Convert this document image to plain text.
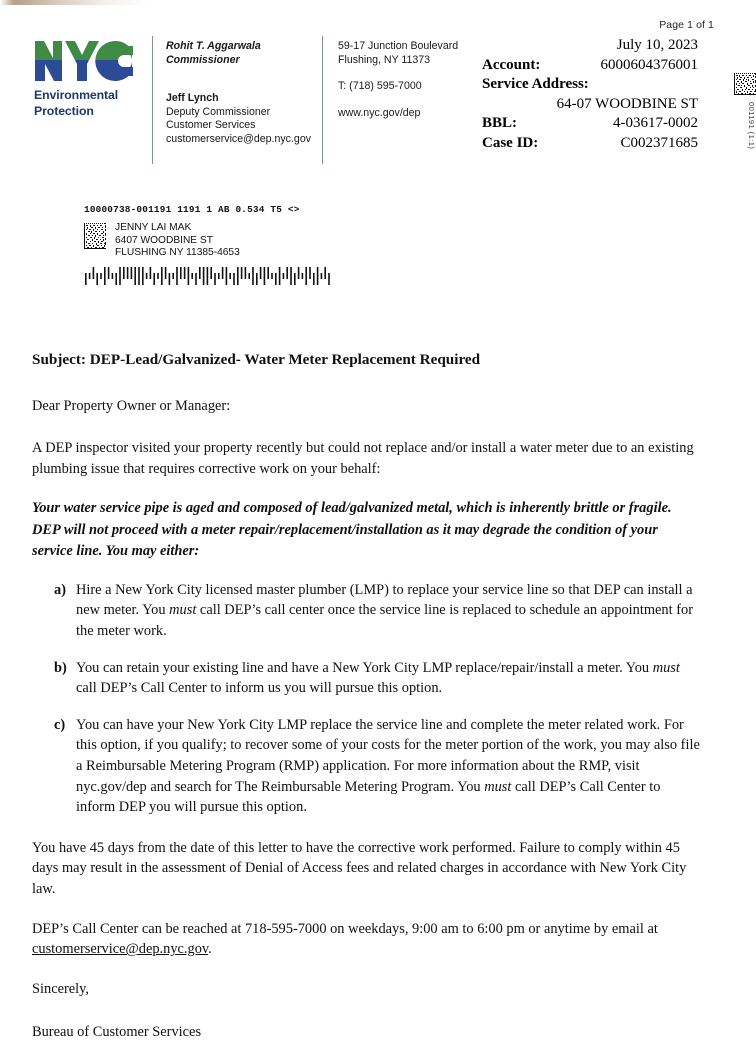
Page 1 of 1
Environmental
Protection
Rohit T. Aggarwala
Commissioner
Jeff Lynch
Deputy Commissioner
Customer Services
customerservice@dep.nyc.gov
59-17 Junction Boulevard
Flushing, NY 11373
T: (718) 595-7000
www.nyc.gov/dep
July 10, 2023
Account:	6000604376001
Service Address:
64-07 WOODBINE ST
BBL:	4-03617-0002
Case ID:	C002371685	001191 (1:1)
10000738-001191 1191 1 AB 0.534 T5 <>
JENNY LAI MAK
6407 WOODBINE ST
FLUSHING NY 11385-4653
Subject: DEP-Lead/Galvanized- Water Meter Replacement Required
Dear Property Owner or Manager:
A DEP inspector visited your property recently but could not replace and/or install a water meter due to an existing plumbing issue that requires corrective work on your behalf:
Your water service pipe is aged and composed of lead/galvanized metal, which is inherently brittle or fragile. DEP will not proceed with a meter repair/replacement/installation as it may degrade the condition of your service line. You may either:
a) Hire a New York City licensed master plumber (LMP) to replace your service line so that DEP can install a new meter. You must call DEP’s call center once the service line is replaced to schedule an appointment for the meter work.
b) You can retain your existing line and have a New York City LMP replace/repair/install a meter. You must call DEP’s Call Center to inform us you will pursue this option.
c) You can have your New York City LMP replace the service line and complete the meter related work. For this option, if you qualify; to recover some of your costs for the meter portion of the work, you may also file a Reimbursable Metering Program (RMP) application. For more information about the RMP, visit nyc.gov/dep and search for The Reimbursable Metering Program. You must call DEP’s Call Center to inform DEP you will pursue this option.
You have 45 days from the date of this letter to have the corrective work performed. Failure to comply within 45 days may result in the assessment of Denial of Access fees and related charges in accordance with New York City law.
DEP’s Call Center can be reached at 718-595-7000 on weekdays, 9:00 am to 6:00 pm or anytime by email at customerservice@dep.nyc.gov.
Sincerely,
Bureau of Customer Services
